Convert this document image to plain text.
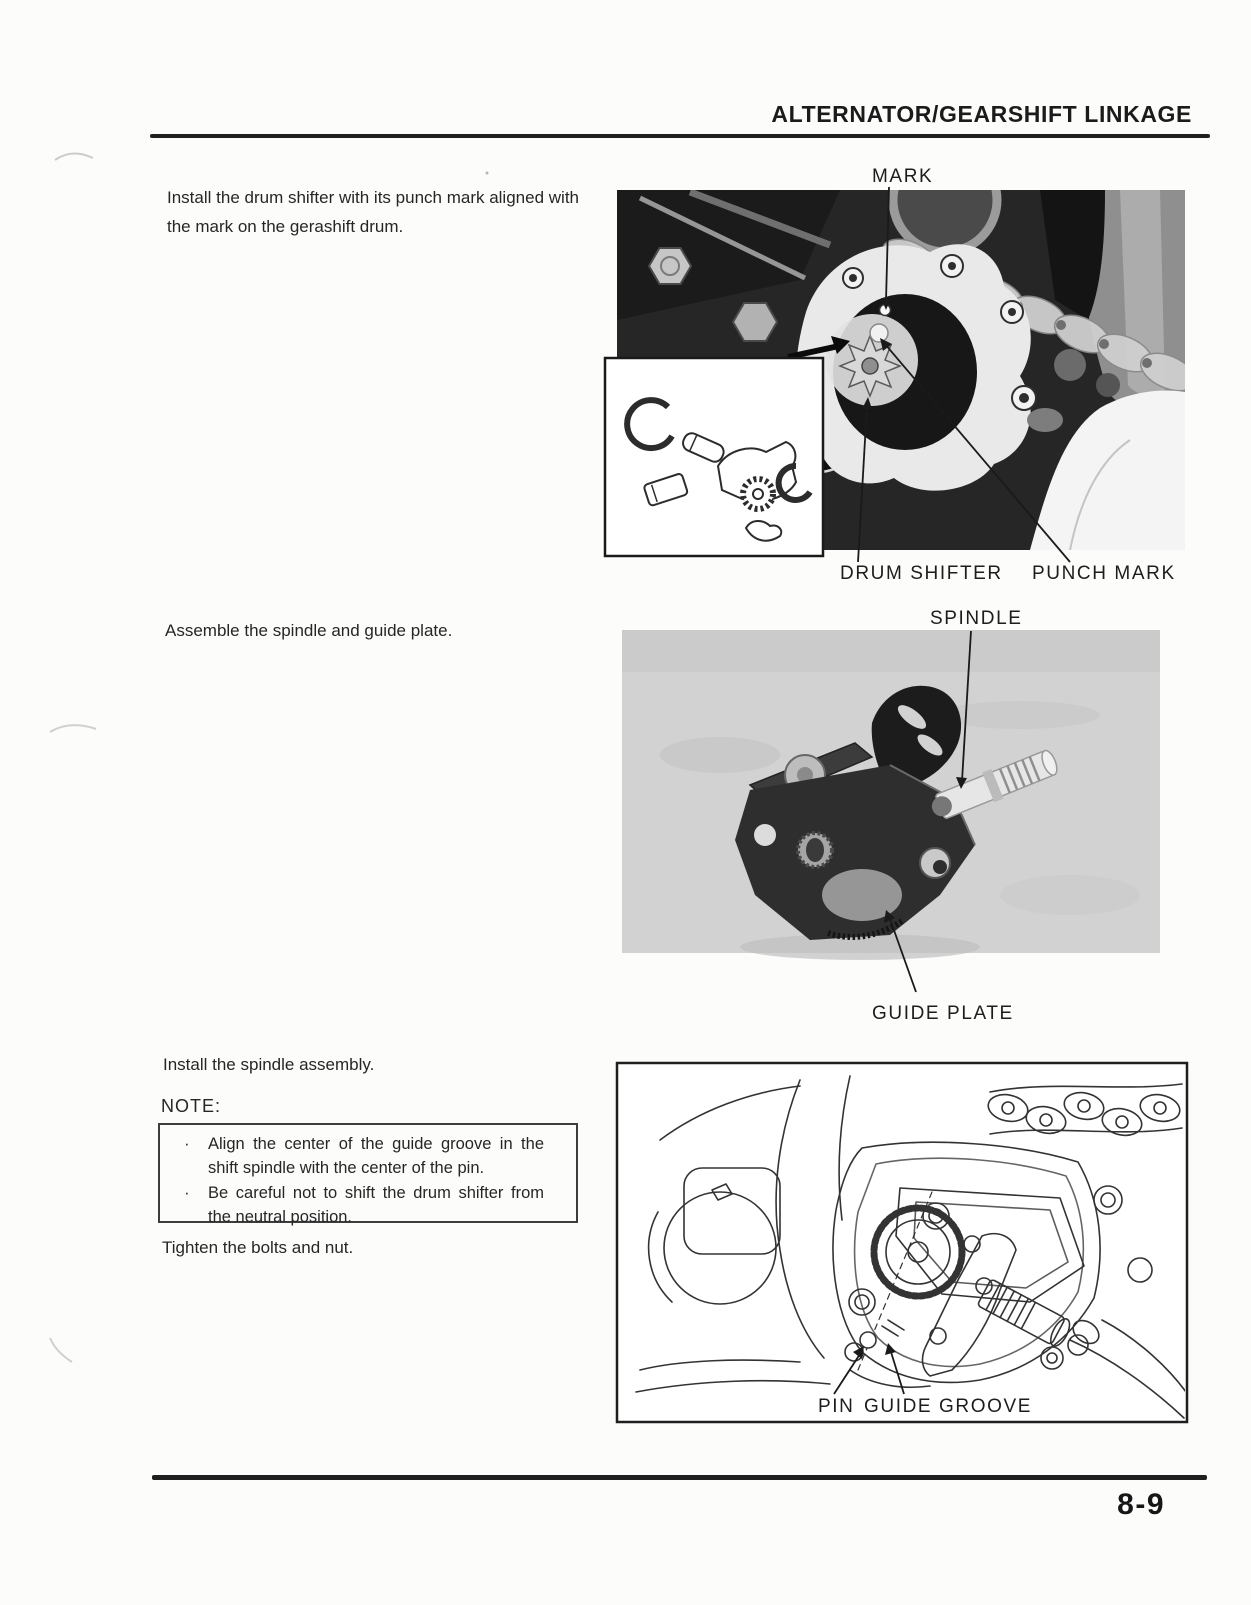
ALTERNATOR/GEARSHIFT LINKAGE
Install the drum shifter with its punch mark aligned with the mark on the gerashift drum.
Assemble the spindle and guide plate.
Install the spindle assembly.
NOTE:
·	Align the center of the guide groove in the shift spindle with the center of the pin.
·	Be careful not to shift the drum shifter from the neutral position.
Tighten the bolts and nut.
MARK
DRUM SHIFTER PUNCH MARK
SPINDLE
GUIDE PLATE
PIN GUIDE GROOVE
8-9
